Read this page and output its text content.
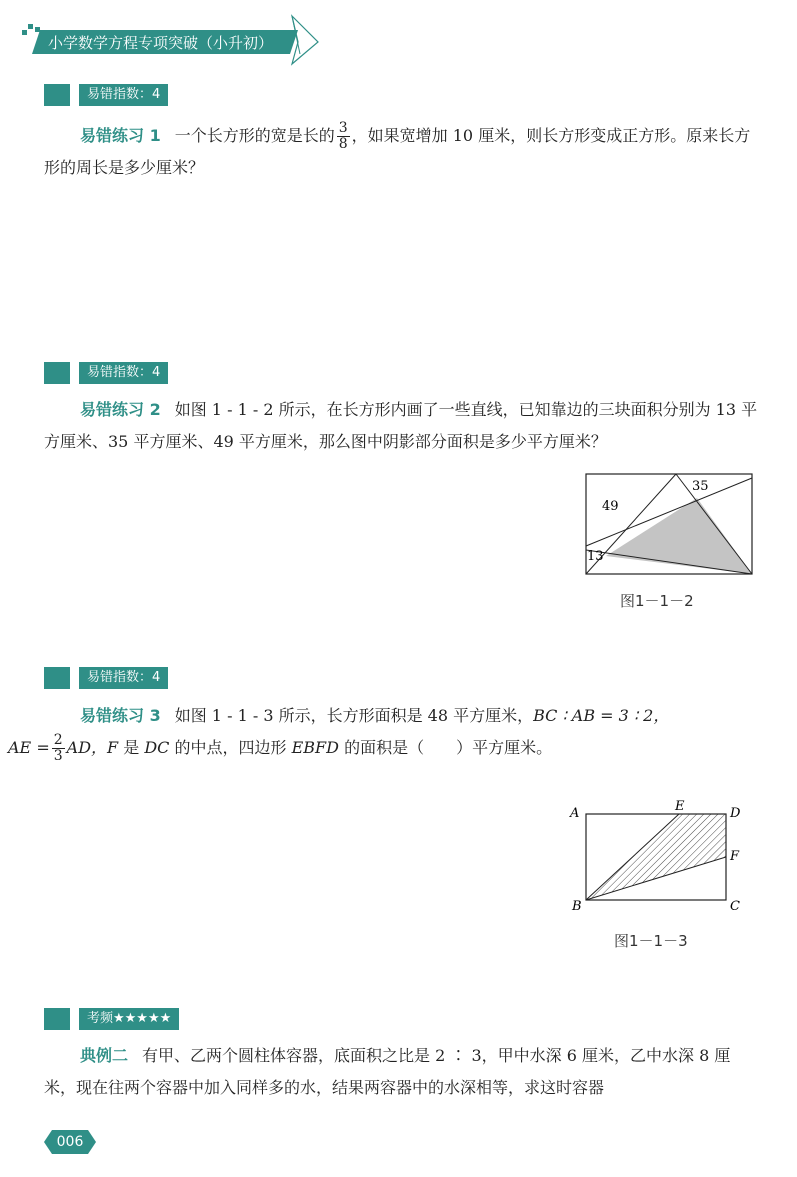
小学数学方程专项突破（小升初）
易错指数：4
易错练习 1 一个长方形的宽是长的 $\frac{3}{8}$ ，如果宽增加 10 厘米，则长方形变成正方形。原来长方形的周长是多少厘米？
易错指数：4
易错练习 2 如图 1 - 1 - 2 所示，在长方形内画了一些直线，已知靠边的三块面积分别为 13 平方厘米、35 平方厘米、49 平方厘米，那么图中阴影部分面积是多少平方厘米？
49
35
13
图1－1－2
易错指数：4
易错练习 3 如图 1 - 1 - 3 所示，长方形面积是 48 平方厘米，BC ∶ AB = 3 ∶ 2，
AE = $\frac{2}{3}$ AD，F 是 DC 的中点，四边形 EBFD 的面积是（　　）平方厘米。
A	E	D
F
B	C
图1－1－3
考频★★★★★
典例二 有甲、乙两个圆柱体容器，底面积之比是 2 ∶ 3，甲中水深 6 厘米，乙中水深 8 厘米，现在往两个容器中加入同样多的水，结果两容器中的水深相等，求这时容器
006
